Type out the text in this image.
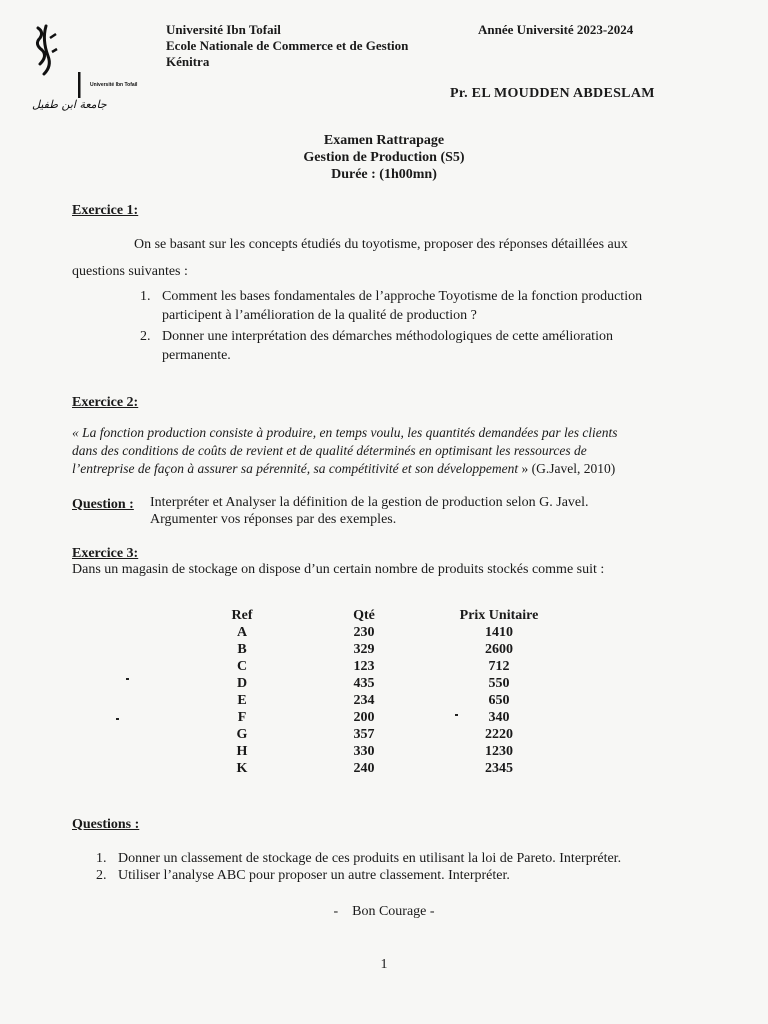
Université Ibn Tofail
جامعة ابن طفيل
Université Ibn Tofail
Ecole Nationale de Commerce et de Gestion
Kénitra
Année Université 2023-2024
Pr. EL MOUDDEN ABDESLAM
Examen Rattrapage
Gestion de Production (S5)
Durée : (1h00mn)
Exercice 1:
On se basant sur les concepts étudiés du toyotisme, proposer des réponses détaillées aux
questions suivantes :
1. Comment les bases fondamentales de l’approche Toyotisme de la fonction production
participent à l’amélioration de la qualité de production ?
2. Donner une interprétation des démarches méthodologiques de cette amélioration
permanente.
Exercice 2:
« La fonction production consiste à produire, en temps voulu, les quantités demandées par les clients
dans des conditions de coûts de revient et de qualité déterminés en optimisant les ressources de
l’entreprise de façon à assurer sa pérennité, sa compétitivité et son développement » (G.Javel, 2010)
Question : Interpréter et Analyser la définition de la gestion de production selon G. Javel.
Argumenter vos réponses par des exemples.
Exercice 3:
Dans un magasin de stockage on dispose d’un certain nombre de produits stockés comme suit :
Ref	Qté	Prix Unitaire
A	230	1410
B	329	2600
C	123	712
D	435	550
E	234	650
F	200	340
G	357	2220
H	330	1230
K	240	2345
Questions :
1. Donner un classement de stockage de ces produits en utilisant la loi de Pareto. Interpréter.
2. Utiliser l’analyse ABC pour proposer un autre classement. Interpréter.
-    Bon Courage -
1
